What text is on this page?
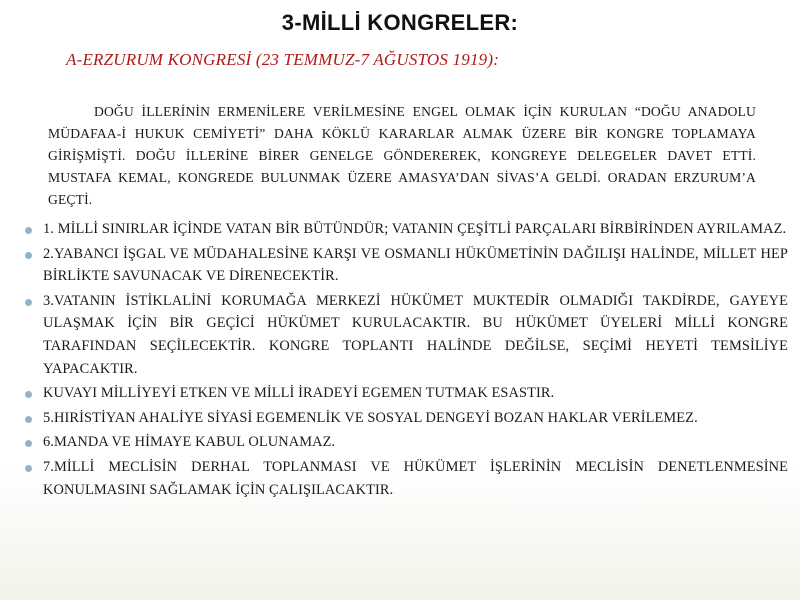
3-MİLLİ KONGRELER:
A-ERZURUM KONGRESİ (23 TEMMUZ-7 AĞUSTOS 1919):
DOĞU İLLERİNİN ERMENİLERE VERİLMESİNE ENGEL OLMAK İÇİN KURULAN “DOĞU ANADOLU MÜDAFAA-İ HUKUK CEMİYETİ” DAHA KÖKLÜ KARARLAR ALMAK ÜZERE BİR KONGRE TOPLAMAYA GİRİŞMİŞTİ. DOĞU İLLERİNE BİRER GENELGE GÖNDEREREK, KONGREYE DELEGELER DAVET ETTİ. MUSTAFA KEMAL, KONGREDE BULUNMAK ÜZERE AMASYA’DAN SİVAS’A GELDİ. ORADAN ERZURUM’A GEÇTİ.
1. MİLLİ SINIRLAR İÇİNDE VATAN BİR BÜTÜNDÜR; VATANIN ÇEŞİTLİ PARÇALARI BİRBİRİNDEN AYRILAMAZ.
2.YABANCI İŞGAL VE MÜDAHALESİNE KARŞI VE OSMANLI HÜKÜMETİNİN DAĞILIŞI HALİNDE, MİLLET HEP BİRLİKTE SAVUNACAK VE DİRENECEKTİR.
3.VATANIN İSTİKLALİNİ KORUMAĞA MERKEZİ HÜKÜMET MUKTEDİR OLMADIĞI TAKDİRDE, GAYEYE ULAŞMAK İÇİN BİR GEÇİCİ HÜKÜMET KURULACAKTIR. BU HÜKÜMET ÜYELERİ MİLLİ KONGRE TARAFINDAN SEÇİLECEKTİR. KONGRE TOPLANTI HALİNDE DEĞİLSE, SEÇİMİ HEYETİ TEMSİLİYE YAPACAKTIR.
KUVAYI MİLLİYEYİ ETKEN VE MİLLİ İRADEYİ EGEMEN TUTMAK ESASTIR.
5.HIRİSTİYAN AHALİYE SİYASİ EGEMENLİK VE SOSYAL DENGEYİ BOZAN HAKLAR VERİLEMEZ.
6.MANDA VE HİMAYE KABUL OLUNAMAZ.
7.MİLLİ MECLİSİN DERHAL TOPLANMASI VE HÜKÜMET İŞLERİNİN MECLİSİN DENETLENMESİNE KONULMASINI SAĞLAMAK İÇİN ÇALIŞILACAKTIR.
